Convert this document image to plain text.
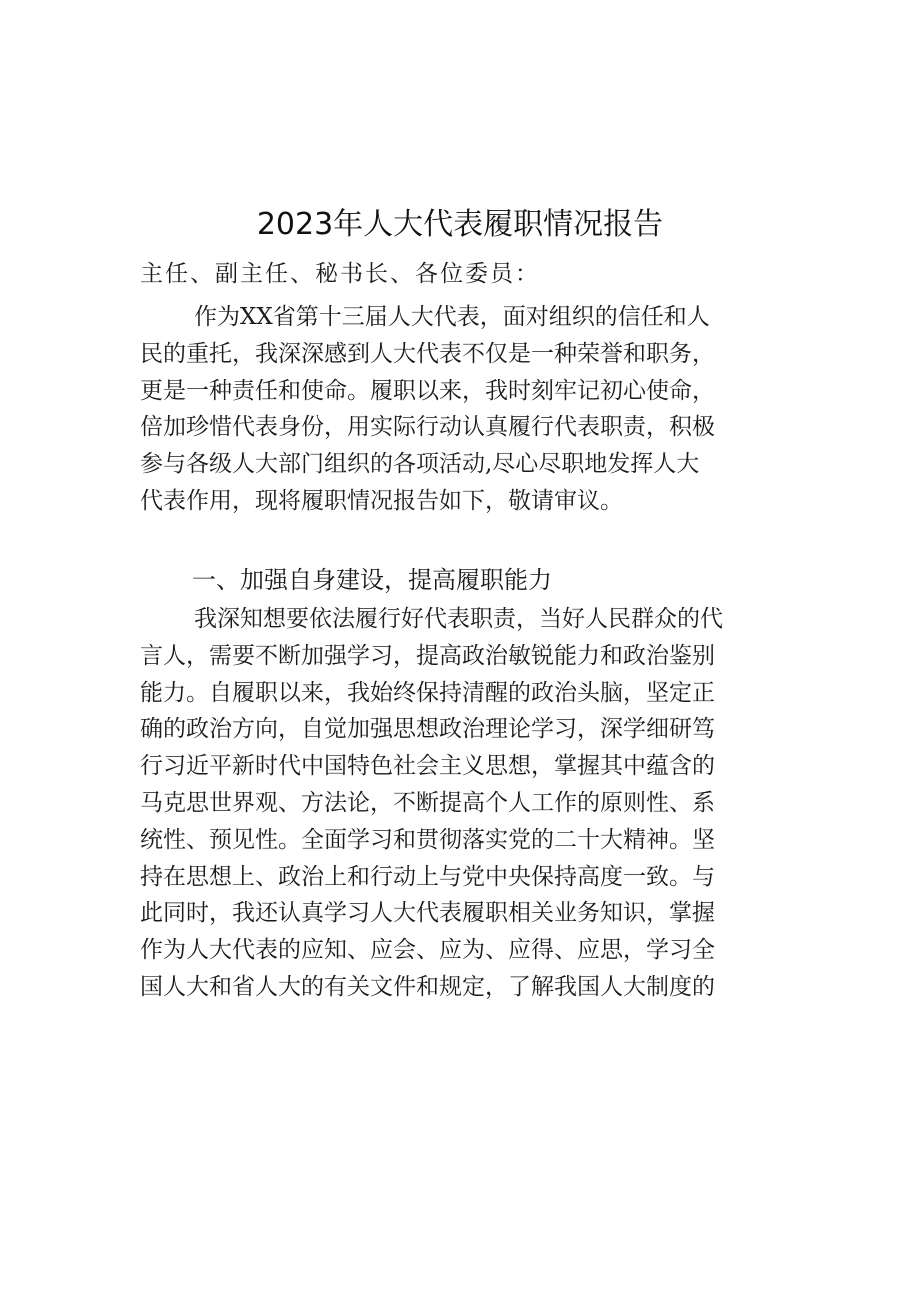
2023年人大代表履职情况报告
主任、副主任、秘书长、各位委员：
作为XX省第十三届人大代表，面对组织的信任和人
民的重托，我深深感到人大代表不仅是一种荣誉和职务，
更是一种责任和使命。履职以来，我时刻牢记初心使命，
倍加珍惜代表身份，用实际行动认真履行代表职责，积极
参与各级人大部门组织的各项活动,尽心尽职地发挥人大
代表作用，现将履职情况报告如下，敬请审议。
一、加强自身建设，提高履职能力
我深知想要依法履行好代表职责，当好人民群众的代
言人，需要不断加强学习，提高政治敏锐能力和政治鉴别
能力。自履职以来，我始终保持清醒的政治头脑，坚定正
确的政治方向，自觉加强思想政治理论学习，深学细研笃
行习近平新时代中国特色社会主义思想，掌握其中蕴含的
马克思世界观、方法论，不断提高个人工作的原则性、系
统性、预见性。全面学习和贯彻落实党的二十大精神。坚
持在思想上、政治上和行动上与党中央保持高度一致。与
此同时，我还认真学习人大代表履职相关业务知识，掌握
作为人大代表的应知、应会、应为、应得、应思，学习全
国人大和省人大的有关文件和规定，了解我国人大制度的
